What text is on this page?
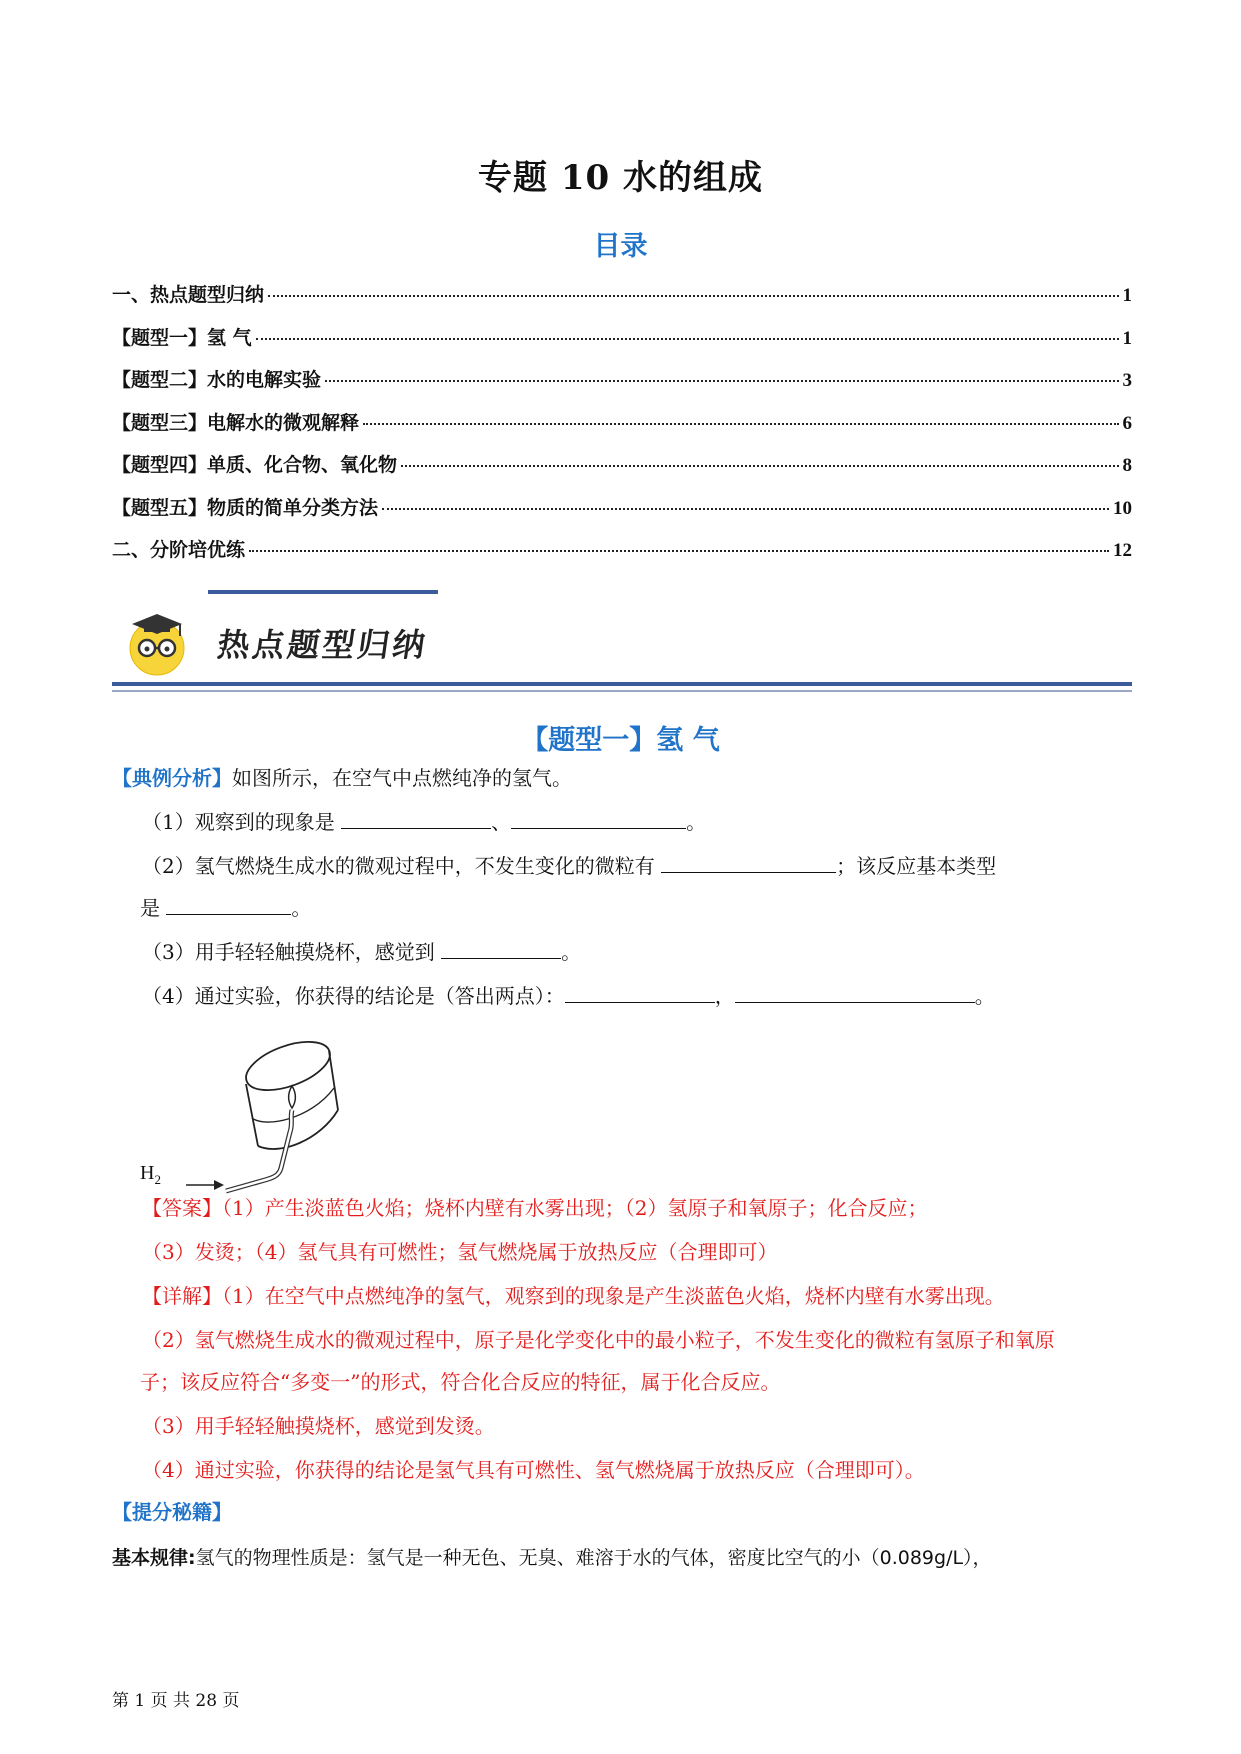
专题 10 水的组成
目录
一、热点题型归纳	1
【题型一】氢 气	1
【题型二】水的电解实验	3
【题型三】电解水的微观解释	6
【题型四】单质、化合物、氧化物	8
【题型五】物质的简单分类方法	10
二、分阶培优练	12
热点题型归纳
【题型一】氢 气
【典例分析】如图所示，在空气中点燃纯净的氢气。
（1）观察到的现象是	、	。
（2）氢气燃烧生成水的微观过程中，不发生变化的微粒有	；该反应基本类型
是	。
（3）用手轻轻触摸烧杯，感觉到	。
（4）通过实验，你获得的结论是（答出两点）：	，	。
【答案】（1）产生淡蓝色火焰；烧杯内壁有水雾出现；（2）氢原子和氧原子；化合反应；
（3）发烫；（4）氢气具有可燃性；氢气燃烧属于放热反应（合理即可）
【详解】（1）在空气中点燃纯净的氢气，观察到的现象是产生淡蓝色火焰，烧杯内壁有水雾出现。
（2）氢气燃烧生成水的微观过程中，原子是化学变化中的最小粒子，不发生变化的微粒有氢原子和氧原
子；该反应符合“多变一”的形式，符合化合反应的特征，属于化合反应。
（3）用手轻轻触摸烧杯，感觉到发烫。
（4）通过实验，你获得的结论是氢气具有可燃性、氢气燃烧属于放热反应（合理即可）。
【提分秘籍】
基本规律:氢气的物理性质是：氢气是一种无色、无臭、难溶于水的气体，密度比空气的小（0.089g/L），
$H_2$
第 1 页 共 28 页
